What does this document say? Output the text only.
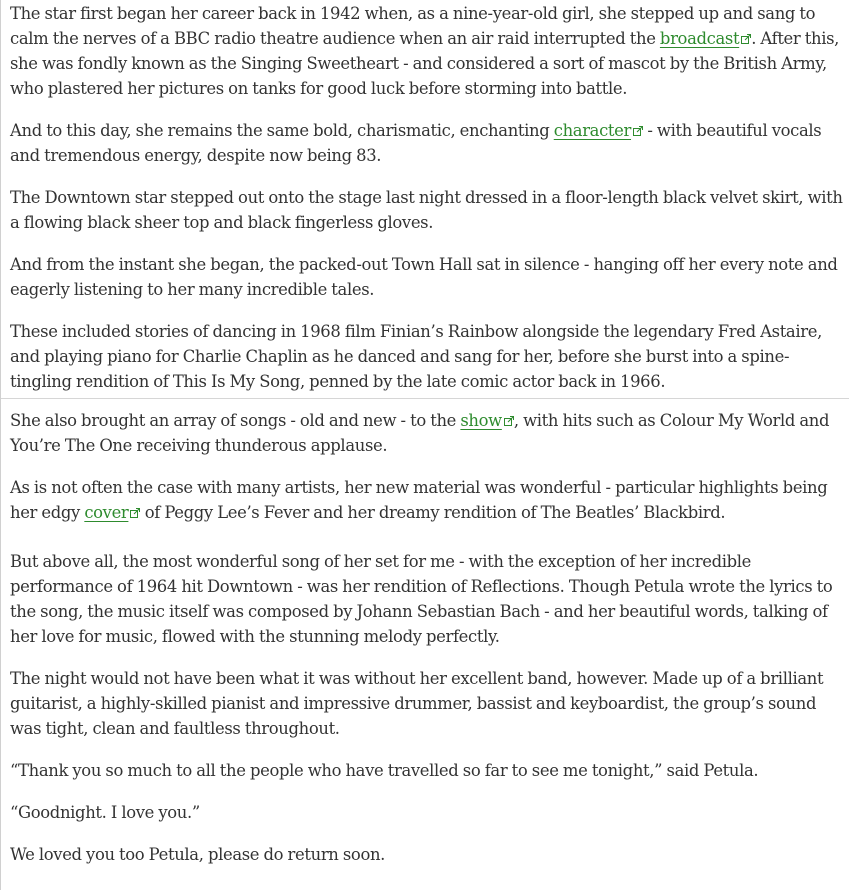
The star first began her career back in 1942 when, as a nine-year-old girl, she stepped up and sang to calm the nerves of a BBC radio theatre audience when an air raid interrupted the broadcast . After this, she was fondly known as the Singing Sweetheart - and considered a sort of mascot by the British Army, who plastered her pictures on tanks for good luck before storming into battle.

And to this day, she remains the same bold, charismatic, enchanting character
- with beautiful vocals and tremendous energy, despite now being 83.

The Downtown star stepped out onto the stage last night dressed in a floor-length black velvet skirt, with a flowing black sheer top and black fingerless gloves.

And from the instant she began, the packed-out Town Hall sat in silence - hanging off her every note and eagerly listening to her many incredible tales.

These included stories of dancing in 1968 film Finian’s Rainbow alongside the legendary Fred Astaire, and playing piano for Charlie Chaplin as he danced and sang for her, before she burst into a spine-tingling rendition of This Is My Song, penned by the late comic actor back in 1966.

She also brought an array of songs - old and new - to the show , with hits such as Colour My World and You’re The One receiving thunderous applause.

As is not often the case with many artists, her new material was wonderful - particular highlights being her edgy cover
of Peggy Lee’s Fever and her dreamy rendition of The Beatles’ Blackbird.

But above all, the most wonderful song of her set for me - with the exception of her incredible performance of 1964 hit Downtown - was her rendition of Reflections. Though Petula wrote the lyrics to the song, the music itself was composed by Johann Sebastian Bach - and her beautiful words, talking of her love for music, flowed with the stunning melody perfectly.

The night would not have been what it was without her excellent band, however. Made up of a brilliant guitarist, a highly-skilled pianist and impressive drummer, bassist and keyboardist, the group’s sound was tight, clean and faultless throughout.

“Thank you so much to all the people who have travelled so far to see me tonight,” said Petula.

“Goodnight. I love you.”

We loved you too Petula, please do return soon.
